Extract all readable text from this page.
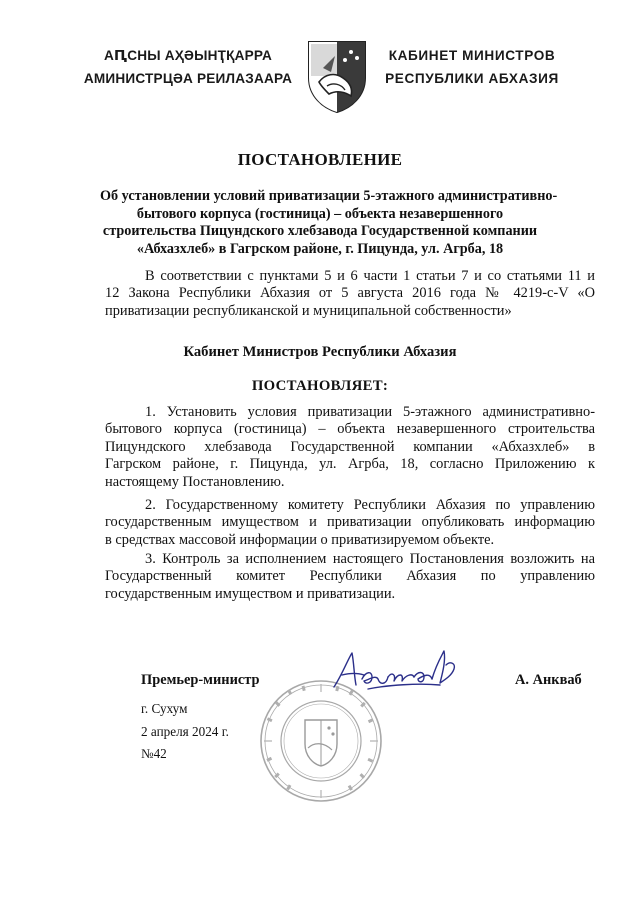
АԤСНЫ АҲӘЫНҬҚАРРА
АМИНИСТРЦӘА РЕИЛАЗААРА
КАБИНЕТ МИНИСТРОВ
РЕСПУБЛИКИ АБХАЗИЯ
ПОСТАНОВЛЕНИЕ
Об установлении условий приватизации 5-этажного административно-
бытового корпуса (гостиница) – объекта незавершенного
строительства Пицундского хлебзавода Государственной компании
«Абхазхлеб» в Гагрском районе, г. Пицунда, ул. Агрба, 18
В соответствии с пунктами 5 и 6 части 1 статьи 7 и со статьями 11 и
12 Закона Республики Абхазия от 5 августа 2016 года № 4219-с-V «О
приватизации республиканской и муниципальной собственности»
Кабинет Министров Республики Абхазия
ПОСТАНОВЛЯЕТ:
1. Установить условия приватизации 5-этажного административно-
бытового корпуса (гостиница) – объекта незавершенного строительства
Пицундского хлебзавода Государственной компании «Абхазхлеб» в
Гагрском районе, г. Пицунда, ул. Агрба, 18, согласно Приложению к
настоящему Постановлению.
2. Государственному комитету Республики Абхазия по управлению
государственным имуществом и приватизации опубликовать информацию
в средствах массовой информации о приватизируемом объекте.
3. Контроль за исполнением настоящего Постановления возложить на
Государственный комитет Республики Абхазия по управлению
государственным имуществом и приватизации.
Премьер-министр	А. Анкваб
г. Сухум
2 апреля 2024 г.
№42
